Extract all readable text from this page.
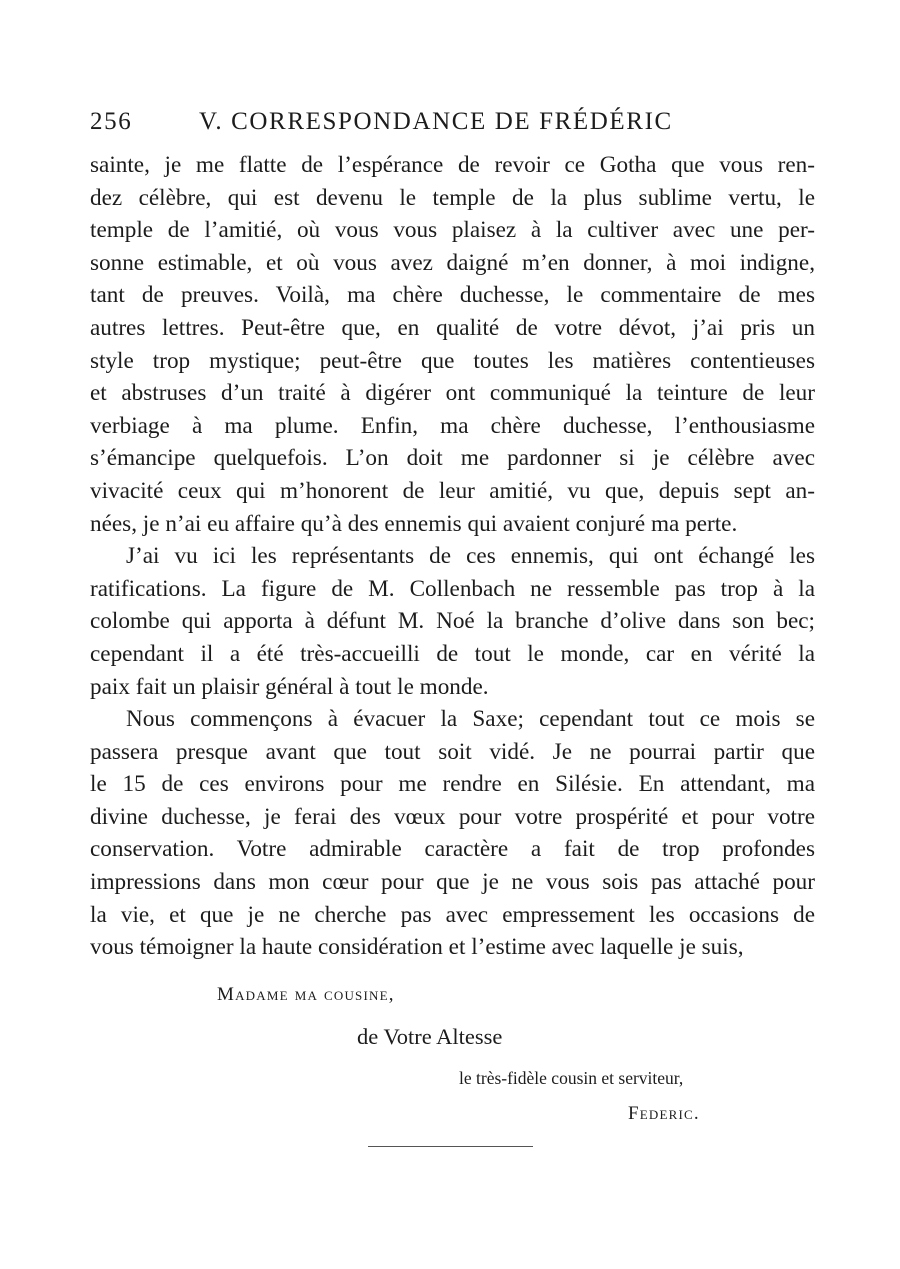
256	V. CORRESPONDANCE DE FRÉDÉRIC
sainte, je me flatte de l’espérance de revoir ce Gotha que vous ren-
dez célèbre, qui est devenu le temple de la plus sublime vertu, le
temple de l’amitié, où vous vous plaisez à la cultiver avec une per-
sonne estimable, et où vous avez daigné m’en donner, à moi indigne,
tant de preuves. Voilà, ma chère duchesse, le commentaire de mes
autres lettres. Peut-être que, en qualité de votre dévot, j’ai pris un
style trop mystique; peut-être que toutes les matières contentieuses
et abstruses d’un traité à digérer ont communiqué la teinture de leur
verbiage à ma plume. Enfin, ma chère duchesse, l’enthousiasme
s’émancipe quelquefois. L’on doit me pardonner si je célèbre avec
vivacité ceux qui m’honorent de leur amitié, vu que, depuis sept an-
nées, je n’ai eu affaire qu’à des ennemis qui avaient conjuré ma perte.
J’ai vu ici les représentants de ces ennemis, qui ont échangé les
ratifications. La figure de M. Collenbach ne ressemble pas trop à la
colombe qui apporta à défunt M. Noé la branche d’olive dans son bec;
cependant il a été très-accueilli de tout le monde, car en vérité la
paix fait un plaisir général à tout le monde.
Nous commençons à évacuer la Saxe; cependant tout ce mois se
passera presque avant que tout soit vidé. Je ne pourrai partir que
le 15 de ces environs pour me rendre en Silésie. En attendant, ma
divine duchesse, je ferai des vœux pour votre prospérité et pour votre
conservation. Votre admirable caractère a fait de trop profondes
impressions dans mon cœur pour que je ne vous sois pas attaché pour
la vie, et que je ne cherche pas avec empressement les occasions de
vous témoigner la haute considération et l’estime avec laquelle je suis,
Madame ma cousine,
de Votre Altesse
le très-fidèle cousin et serviteur,
Federic.
